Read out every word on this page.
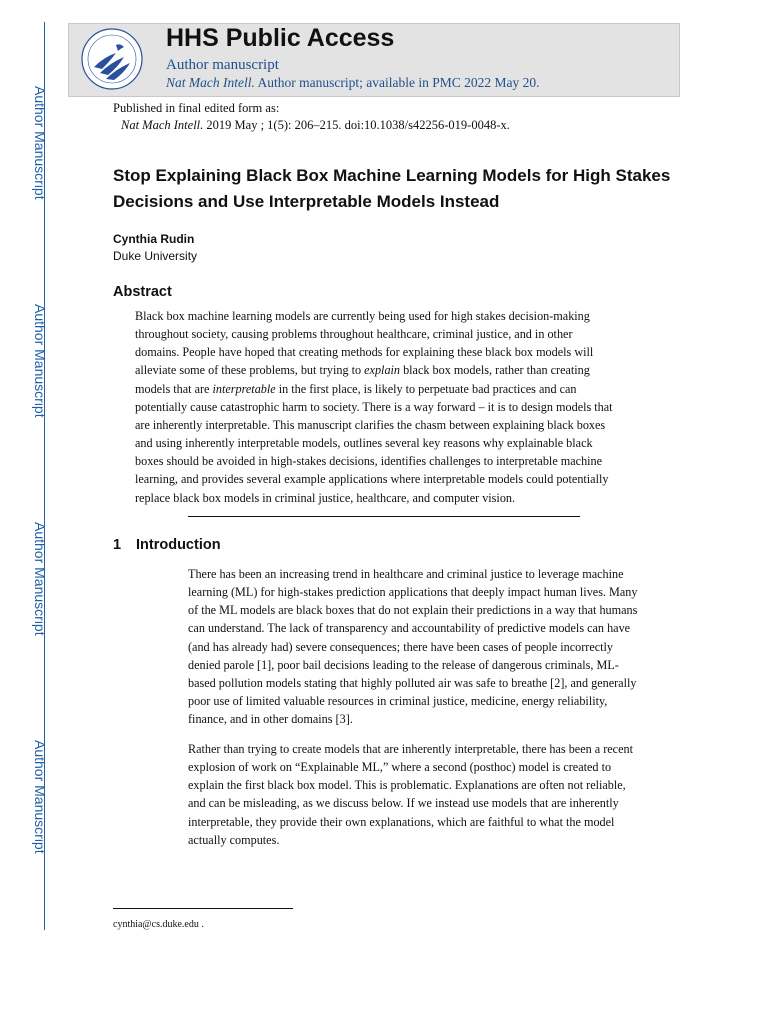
Author Manuscript
Author Manuscript
Author Manuscript
Author Manuscript
HHS Public Access
Author manuscript
Nat Mach Intell. Author manuscript; available in PMC 2022 May 20.
Published in final edited form as:
Nat Mach Intell. 2019 May ; 1(5): 206–215. doi:10.1038/s42256-019-0048-x.
Stop Explaining Black Box Machine Learning Models for High Stakes Decisions and Use Interpretable Models Instead
Cynthia Rudin
Duke University
Abstract
Black box machine learning models are currently being used for high stakes decision-making
throughout society, causing problems throughout healthcare, criminal justice, and in other
domains. People have hoped that creating methods for explaining these black box models will
alleviate some of these problems, but trying to explain black box models, rather than creating
models that are interpretable in the first place, is likely to perpetuate bad practices and can
potentially cause catastrophic harm to society. There is a way forward – it is to design models that
are inherently interpretable. This manuscript clarifies the chasm between explaining black boxes
and using inherently interpretable models, outlines several key reasons why explainable black
boxes should be avoided in high-stakes decisions, identifies challenges to interpretable machine
learning, and provides several example applications where interpretable models could potentially
replace black box models in criminal justice, healthcare, and computer vision.
1 Introduction
There has been an increasing trend in healthcare and criminal justice to leverage machine
learning (ML) for high-stakes prediction applications that deeply impact human lives. Many
of the ML models are black boxes that do not explain their predictions in a way that humans
can understand. The lack of transparency and accountability of predictive models can have
(and has already had) severe consequences; there have been cases of people incorrectly
denied parole [1], poor bail decisions leading to the release of dangerous criminals, ML-
based pollution models stating that highly polluted air was safe to breathe [2], and generally
poor use of limited valuable resources in criminal justice, medicine, energy reliability,
finance, and in other domains [3].
Rather than trying to create models that are inherently interpretable, there has been a recent
explosion of work on “Explainable ML,” where a second (posthoc) model is created to
explain the first black box model. This is problematic. Explanations are often not reliable,
and can be misleading, as we discuss below. If we instead use models that are inherently
interpretable, they provide their own explanations, which are faithful to what the model
actually computes.
cynthia@cs.duke.edu .
